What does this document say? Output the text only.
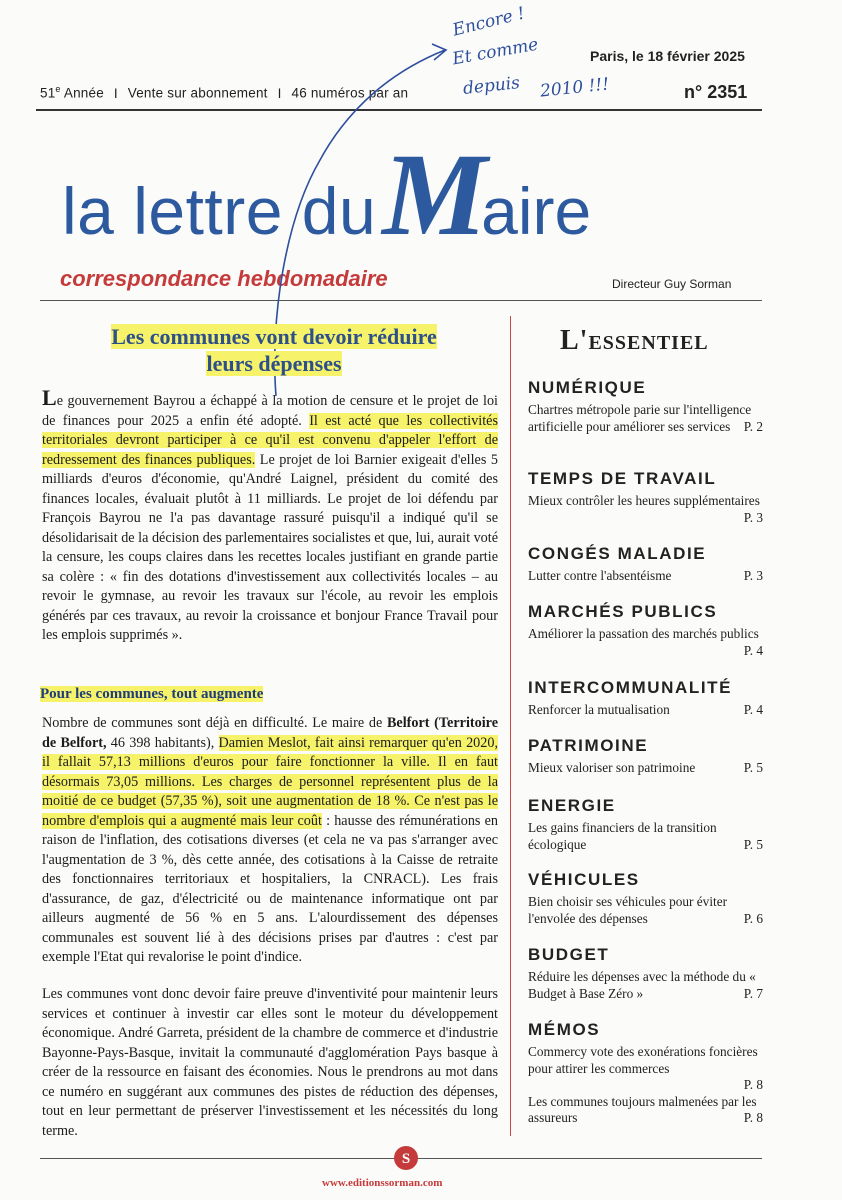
Paris, le 18 février 2025
51e Année I Vente sur abonnement I 46 numéros par an	n° 2351
la lettre duMaire
correspondance hebdomadaire	Directeur Guy Sorman
Encore !
Et comme
depuis 2010 !!!
Les communes vont devoir réduire
leurs dépenses
Le gouvernement Bayrou a échappé à la motion de censure et le projet de loi de finances pour 2025 a enfin été adopté. Il est acté que les collectivités territoriales devront participer à ce qu'il est convenu d'appeler l'effort de redressement des finances publiques. Le projet de loi Barnier exigeait d'elles 5 milliards d'euros d'économie, qu'André Laignel, président du comité des finances locales, évaluait plutôt à 11 milliards. Le projet de loi défendu par François Bayrou ne l'a pas davantage rassuré puisqu'il a indiqué qu'il se désolidarisait de la décision des parlementaires socialistes et que, lui, aurait voté la censure, les coups claires dans les recettes locales justifiant en grande partie sa colère : « fin des dotations d'investissement aux collectivités locales – au revoir le gymnase, au revoir les travaux sur l'école, au revoir les emplois générés par ces travaux, au revoir la croissance et bonjour France Travail pour les emplois supprimés ».
Pour les communes, tout augmente
Nombre de communes sont déjà en difficulté. Le maire de Belfort (Territoire de Belfort, 46 398 habitants), Damien Meslot, fait ainsi remarquer qu'en 2020, il fallait 57,13 millions d'euros pour faire fonctionner la ville. Il en faut désormais 73,05 millions. Les charges de personnel représentent plus de la moitié de ce budget (57,35 %), soit une augmentation de 18 %. Ce n'est pas le nombre d'emplois qui a augmenté mais leur coût : hausse des rémunérations en raison de l'inflation, des cotisations diverses (et cela ne va pas s'arranger avec l'augmentation de 3 %, dès cette année, des cotisations à la Caisse de retraite des fonctionnaires territoriaux et hospitaliers, la CNRACL). Les frais d'assurance, de gaz, d'électricité ou de maintenance informatique ont par ailleurs augmenté de 56 % en 5 ans. L'alourdissement des dépenses communales est souvent lié à des décisions prises par d'autres : c'est par exemple l'Etat qui revalorise le point d'indice.
Les communes vont donc devoir faire preuve d'inventivité pour maintenir leurs services et continuer à investir car elles sont le moteur du développement économique. André Garreta, président de la chambre de commerce et d'industrie Bayonne-Pays-Basque, invitait la communauté d'agglomération Pays basque à créer de la ressource en faisant des économies. Nous le prendrons au mot dans ce numéro en suggérant aux communes des pistes de réduction des dépenses, tout en leur permettant de préserver l'investissement et les nécessités du long terme.
L'ESSENTIEL
NUMÉRIQUE
Chartres métropole parie sur l'intelligence artificielle pour améliorer ses services P. 2
TEMPS DE TRAVAIL
Mieux contrôler les heures supplémentaires
P. 3
CONGÉS MALADIE
Lutter contre l'absentéisme	P. 3
MARCHÉS PUBLICS
Améliorer la passation des marchés publics
P. 4
INTERCOMMUNALITÉ
Renforcer la mutualisation	P. 4
PATRIMOINE
Mieux valoriser son patrimoine	P. 5
ENERGIE
Les gains financiers de la transition écologique	P. 5
VÉHICULES
Bien choisir ses véhicules pour éviter l'envolée des dépenses	P. 6
BUDGET
Réduire les dépenses avec la méthode du « Budget à Base Zéro »	P. 7
MÉMOS
Commercy vote des exonérations foncières pour attirer les commerces

P. 8
Les communes toujours malmenées par les assureurs	P. 8
S
www.editionssorman.com
